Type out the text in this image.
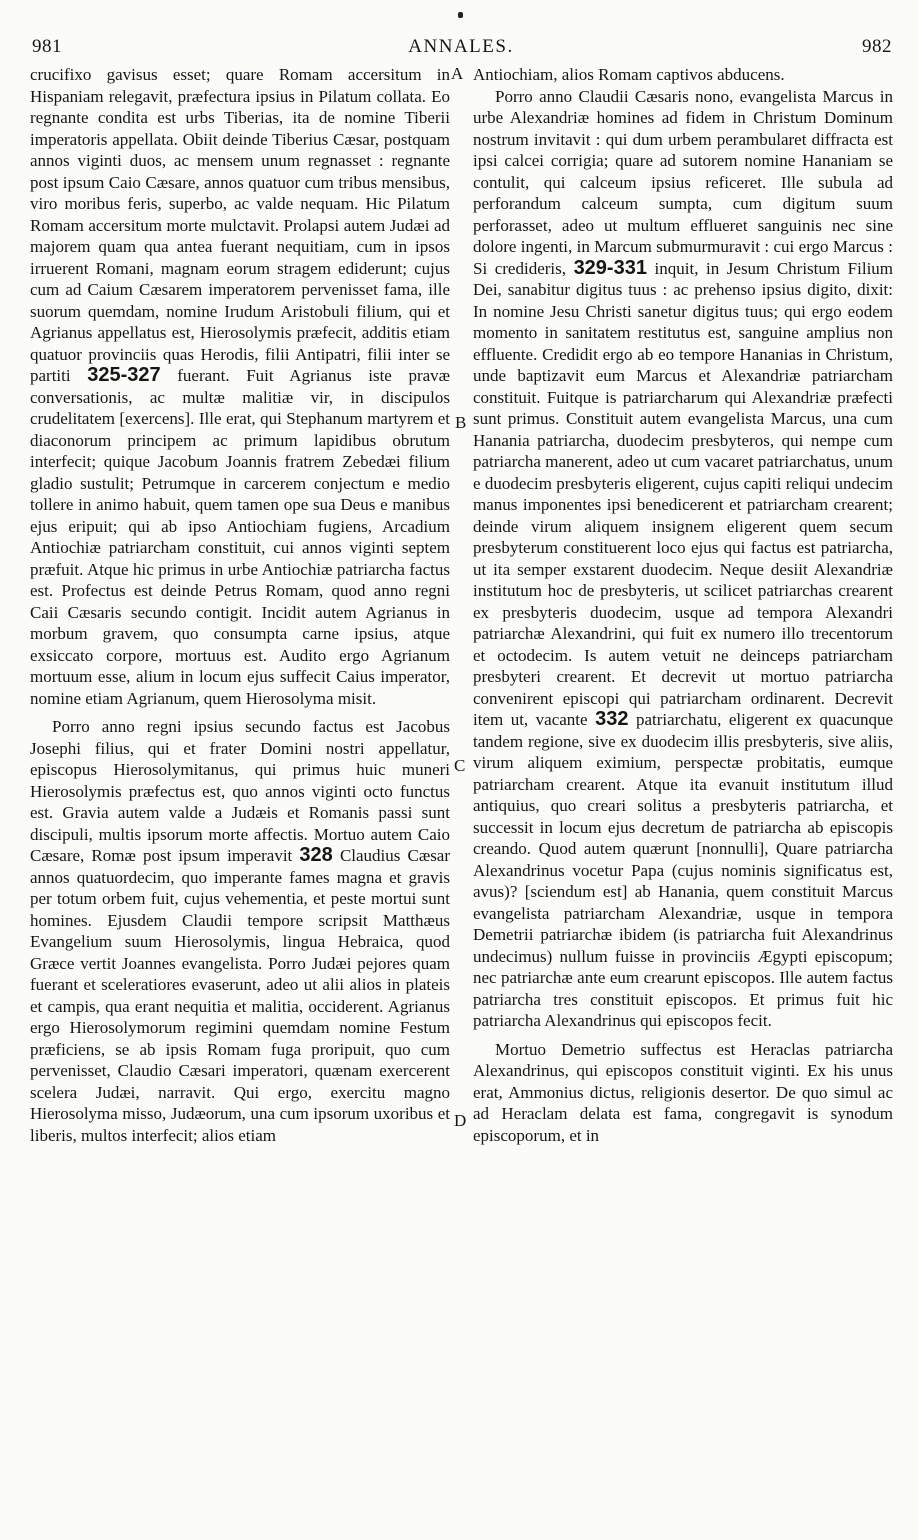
981	ANNALES.	982

crucifixo gavisus esset; quare Romam accersitum in Hispaniam relegavit, præfectura ipsius in Pilatum collata. Eo regnante condita est urbs Tiberias, ita de nomine Tiberii imperatoris appellata. Obiit deinde Tiberius Cæsar, postquam annos viginti duos, ac mensem unum regnasset : regnante post ipsum Caio Cæsare, annos quatuor cum tribus mensibus, viro moribus feris, superbo, ac valde nequam. Hic Pilatum Romam accersitum morte mulctavit. Prolapsi autem Judæi ad majorem quam qua antea fuerant nequitiam, cum in ipsos irruerent Romani, magnam eorum stragem ediderunt; cujus cum ad Caium Cæsarem imperatorem pervenisset fama, ille suorum quemdam, nomine Irudum Aristobuli filium, qui et Agrianus appellatus est, Hierosolymis præfecit, additis etiam quatuor provinciis quas Herodis, filii Antipatri, filii inter se partiti 325-327 fuerant. Fuit Agrianus iste pravæ conversationis, ac multæ malitiæ vir, in discipulos crudelitatem [exercens]. Ille erat, qui Stephanum martyrem et diaconorum principem ac primum lapidibus obrutum interfecit; quique Jacobum Joannis fratrem Zebedæi filium gladio sustulit; Petrumque in carcerem conjectum e medio tollere in animo habuit, quem tamen ope sua Deus e manibus ejus eripuit; qui ab ipso Antiochiam fugiens, Arcadium Antiochiæ patriarcham constituit, cui annos viginti septem præfuit. Atque hic primus in urbe Antiochiæ patriarcha factus est. Profectus est deinde Petrus Romam, quod anno regni Caii Cæsaris secundo contigit. Incidit autem Agrianus in morbum gravem, quo consumpta carne ipsius, atque exsiccato corpore, mortuus est. Audito ergo Agrianum mortuum esse, alium in locum ejus suffecit Caius imperator, nomine etiam Agrianum, quem Hierosolyma misit.

Porro anno regni ipsius secundo factus est Jacobus Josephi filius, qui et frater Domini nostri appellatur, episcopus Hierosolymitanus, qui primus huic muneri Hierosolymis præfectus est, quo annos viginti octo functus est. Gravia autem valde a Judæis et Romanis passi sunt discipuli, multis ipsorum morte affectis. Mortuo autem Caio Cæsare, Romæ post ipsum imperavit 328 Claudius Cæsar annos quatuordecim, quo imperante fames magna et gravis per totum orbem fuit, cujus vehementia, et peste mortui sunt homines. Ejusdem Claudii tempore scripsit Matthæus Evangelium suum Hierosolymis, lingua Hebraica, quod Græce vertit Joannes evangelista. Porro Judæi pejores quam fuerant et sceleratiores evaserunt, adeo ut alii alios in plateis et campis, qua erant nequitia et malitia, occiderent. Agrianus ergo Hierosolymorum regimini quemdam nomine Festum præficiens, se ab ipsis Romam fuga proripuit, quo cum pervenisset, Claudio Cæsari imperatori, quænam exercerent scelera Judæi, narravit. Qui ergo, exercitu magno Hierosolyma misso, Judæorum, una cum ipsorum uxoribus et liberis, multos interfecit; alios etiam

A
B
C
D

Antiochiam, alios Romam captivos abducens.

Porro anno Claudii Cæsaris nono, evangelista Marcus in urbe Alexandriæ homines ad fidem in Christum Dominum nostrum invitavit : qui dum urbem perambularet diffracta est ipsi calcei corrigia; quare ad sutorem nomine Hananiam se contulit, qui calceum ipsius reficeret. Ille subula ad perforandum calceum sumpta, cum digitum suum perforasset, adeo ut multum efflueret sanguinis nec sine dolore ingenti, in Marcum submurmuravit : cui ergo Marcus : Si credideris, 329-331 inquit, in Jesum Christum Filium Dei, sanabitur digitus tuus : ac prehenso ipsius digito, dixit: In nomine Jesu Christi sanetur digitus tuus; qui ergo eodem momento in sanitatem restitutus est, sanguine amplius non effluente. Credidit ergo ab eo tempore Hananias in Christum, unde baptizavit eum Marcus et Alexandriæ patriarcham constituit. Fuitque is patriarcharum qui Alexandriæ præfecti sunt primus. Constituit autem evangelista Marcus, una cum Hanania patriarcha, duodecim presbyteros, qui nempe cum patriarcha manerent, adeo ut cum vacaret patriarchatus, unum e duodecim presbyteris eligerent, cujus capiti reliqui undecim manus imponentes ipsi benedicerent et patriarcham crearent; deinde virum aliquem insignem eligerent quem secum presbyterum constituerent loco ejus qui factus est patriarcha, ut ita semper exstarent duodecim. Neque desiit Alexandriæ institutum hoc de presbyteris, ut scilicet patriarchas crearent ex presbyteris duodecim, usque ad tempora Alexandri patriarchæ Alexandrini, qui fuit ex numero illo trecentorum et octodecim. Is autem vetuit ne deinceps patriarcham presbyteri crearent. Et decrevit ut mortuo patriarcha convenirent episcopi qui patriarcham ordinarent. Decrevit item ut, vacante 332 patriarchatu, eligerent ex quacunque tandem regione, sive ex duodecim illis presbyteris, sive aliis, virum aliquem eximium, perspectæ probitatis, eumque patriarcham crearent. Atque ita evanuit institutum illud antiquius, quo creari solitus a presbyteris patriarcha, et successit in locum ejus decretum de patriarcha ab episcopis creando. Quod autem quærunt [nonnulli], Quare patriarcha Alexandrinus vocetur Papa (cujus nominis significatus est, avus)? [sciendum est] ab Hanania, quem constituit Marcus evangelista patriarcham Alexandriæ, usque in tempora Demetrii patriarchæ ibidem (is patriarcha fuit Alexandrinus undecimus) nullum fuisse in provinciis Ægypti episcopum; nec patriarchæ ante eum crearunt episcopos. Ille autem factus patriarcha tres constituit episcopos. Et primus fuit hic patriarcha Alexandrinus qui episcopos fecit.

Mortuo Demetrio suffectus est Heraclas patriarcha Alexandrinus, qui episcopos constituit viginti. Ex his unus erat, Ammonius dictus, religionis desertor. De quo simul ac ad Heraclam delata est fama, congregavit is synodum episcoporum, et in
